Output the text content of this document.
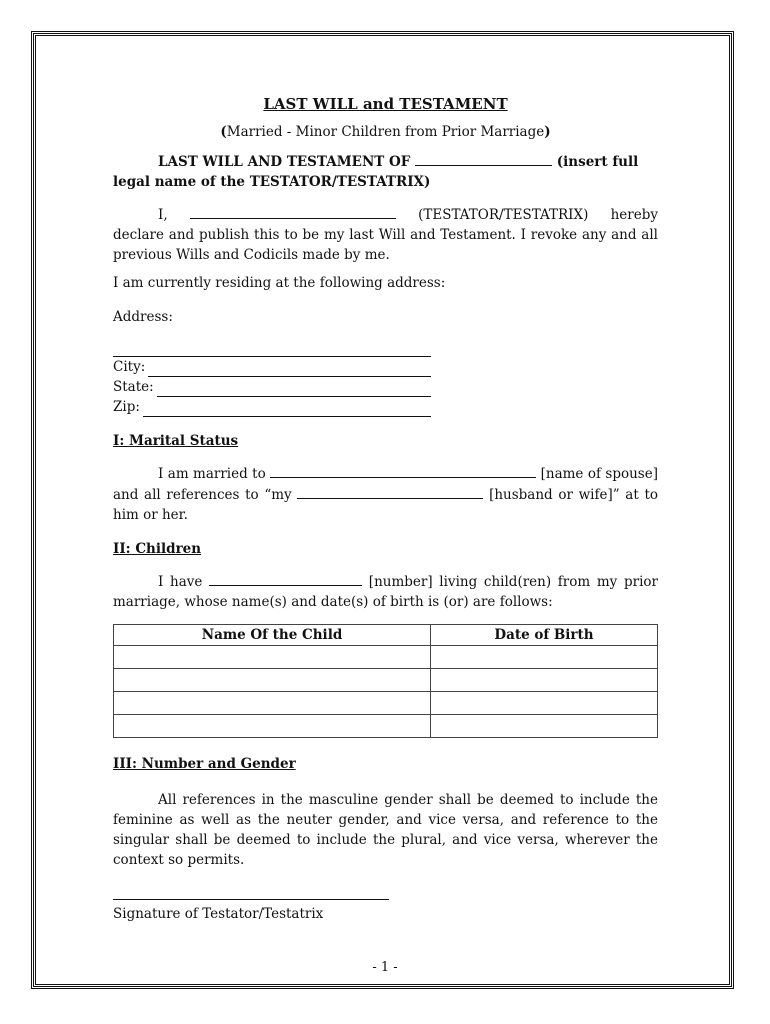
LAST WILL and TESTAMENT

(Married - Minor Children from Prior Marriage)

LAST WILL AND TESTAMENT OF	(insert full
legal name of the TESTATOR/TESTATRIX)

I,	(TESTATOR/TESTATRIX) hereby declare and publish this to be my last Will and Testament. I revoke any and all previous Wills and Codicils made by me.

I am currently residing at the following address:

Address:

City:
State:
Zip:

I: Marital Status

I am married to	[name of spouse] and all references to “my	[husband or wife]” at to him or her.

II: Children

I have	[number] living child(ren) from my prior marriage, whose name(s) and date(s) of birth is (or) are follows:

Name Of the Child	Date of Birth

III: Number and Gender

All references in the masculine gender shall be deemed to include the feminine as well as the neuter gender, and vice versa, and reference to the singular shall be deemed to include the plural, and vice versa, wherever the context so permits.

Signature of Testator/Testatrix

- 1 -
